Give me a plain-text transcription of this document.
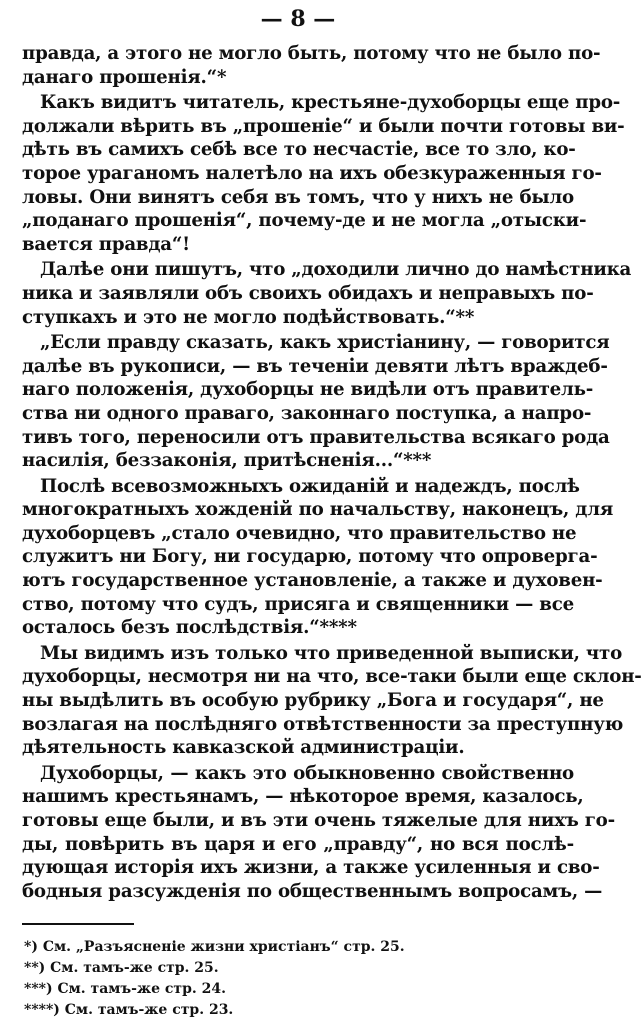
— 8 —
правда, а этого не могло быть, потому что не было по-
данаго прошенія.“*
Какъ видитъ читатель, крестьяне-духоборцы еще про-
должали вѣрить въ „прошеніе“ и были почти готовы ви-
дѣть въ самихъ себѣ все то несчастіе, все то зло, ко-
торое ураганомъ налетѣло на ихъ обезкураженныя го-
ловы. Они винятъ себя въ томъ, что у нихъ не было
„поданаго прошенія“, почему-де и не могла „отыски-
вается правда“!
Далѣе они пишутъ, что „доходили лично до намѣстника
ника и заявляли объ своихъ обидахъ и неправыхъ по-
ступкахъ и это не могло подѣйствовать.“**
„Если правду сказать, какъ христіанину, — говорится
далѣе въ рукописи, — въ теченіи девяти лѣтъ враждеб-
наго положенія, духоборцы не видѣли отъ правитель-
ства ни одного праваго, законнаго поступка, а напро-
тивъ того, переносили отъ правительства всякаго рода
насилія, беззаконія, притѣсненія...“***
Послѣ всевозможныхъ ожиданій и надеждъ, послѣ
многократныхъ хожденій по начальству, наконецъ, для
духоборцевъ „стало очевидно, что правительство не
служитъ ни Богу, ни государю, потому что опроверга-
ютъ государственное установленіе, а также и духовен-
ство, потому что судъ, присяга и священники — все
осталось безъ послѣдствія.“****
Мы видимъ изъ только что приведенной выписки, что
духоборцы, несмотря ни на что, все-таки были еще склон-
ны выдѣлить въ особую рубрику „Бога и государя“, не
возлагая на послѣдняго отвѣтственности за преступную
дѣятельность кавказской администраціи.
Духоборцы, — какъ это обыкновенно свойственно
нашимъ крестьянамъ, — нѣкоторое время, казалось,
готовы еще были, и въ эти очень тяжелые для нихъ го-
ды, повѣрить въ царя и его „правду“, но вся послѣ-
дующая исторія ихъ жизни, а также усиленныя и сво-
бодныя разсужденія по общественнымъ вопросамъ, —
*) См. „Разъясненіе жизни христіанъ“ стр. 25.
**) См. тамъ-же стр. 25.
***) См. тамъ-же стр. 24.
****) См. тамъ-же стр. 23.
